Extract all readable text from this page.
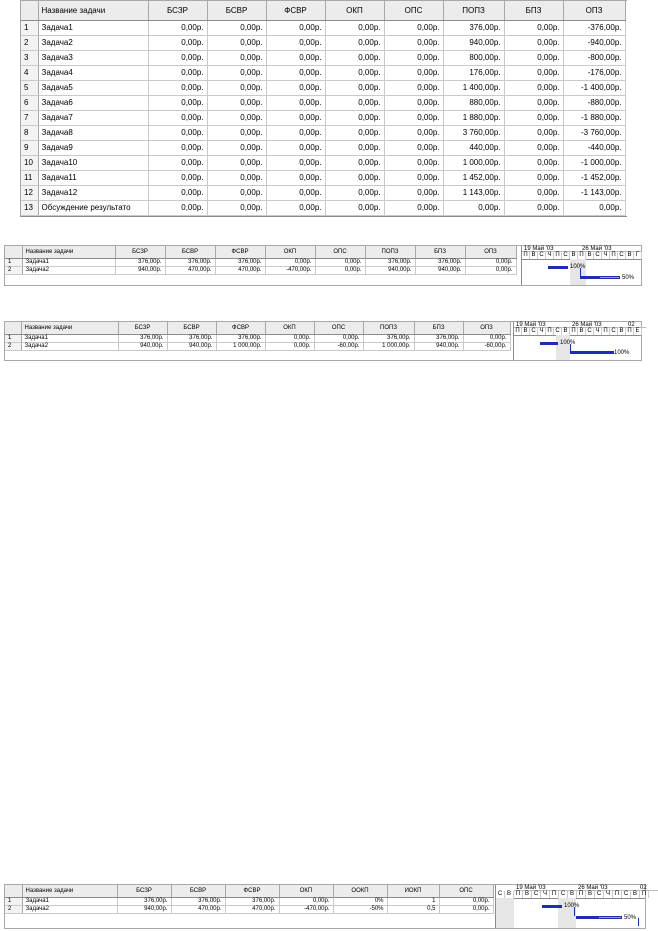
	Название задачи	БСЗР	БСВР	ФСВР	ОКП	ОПС	ПОПЗ	БПЗ	ОПЗ
1	Задача1	0,00р.	0,00р.	0,00р.	0,00р.	0,00р.	376,00р.	0,00р.	-376,00р.
2	Задача2	0,00р.	0,00р.	0,00р.	0,00р.	0,00р.	940,00р.	0,00р.	-940,00р.
3	Задача3	0,00р.	0,00р.	0,00р.	0,00р.	0,00р.	800,00р.	0,00р.	-800,00р.
4	Задача4	0,00р.	0,00р.	0,00р.	0,00р.	0,00р.	176,00р.	0,00р.	-176,00р.
5	Задача5	0,00р.	0,00р.	0,00р.	0,00р.	0,00р.	1 400,00р.	0,00р.	-1 400,00р.
6	Задача6	0,00р.	0,00р.	0,00р.	0,00р.	0,00р.	880,00р.	0,00р.	-880,00р.
7	Задача7	0,00р.	0,00р.	0,00р.	0,00р.	0,00р.	1 880,00р.	0,00р.	-1 880,00р.
8	Задача8	0,00р.	0,00р.	0,00р.	0,00р.	0,00р.	3 760,00р.	0,00р.	-3 760,00р.
9	Задача9	0,00р.	0,00р.	0,00р.	0,00р.	0,00р.	440,00р.	0,00р.	-440,00р.
10	Задача10	0,00р.	0,00р.	0,00р.	0,00р.	0,00р.	1 000,00р.	0,00р.	-1 000,00р.
11	Задача11	0,00р.	0,00р.	0,00р.	0,00р.	0,00р.	1 452,00р.	0,00р.	-1 452,00р.
12	Задача12	0,00р.	0,00р.	0,00р.	0,00р.	0,00р.	1 143,00р.	0,00р.	-1 143,00р.
13	Обсуждение результато	0,00р.	0,00р.	0,00р.	0,00р.	0,00р.	0,00р.	0,00р.	0,00р.
	Название задачи	БСЗР	БСВР	ФСВР	ОКП	ОПС	ПОПЗ	БПЗ	ОПЗ
1	Задача1	376,00р.	376,00р.	376,00р.	0,00р.	0,00р.	376,00р.	376,00р.	0,00р.
2	Задача2	940,00р.	470,00р.	470,00р.	-470,00р.	0,00р.	940,00р.	940,00р.	0,00р.
19 Май '03	26 Май '03
П В С Ч П С В П В С Ч П С В Г
100%
50%
	Название задачи	БСЗР	БСВР	ФСВР	ОКП	ОПС	ПОПЗ	БПЗ	ОПЗ
1	Задача1	376,00р.	376,00р.	376,00р.	0,00р.	0,00р.	376,00р.	376,00р.	0,00р.
2	Задача2	940,00р.	940,00р.	1 000,00р.	0,00р.	-60,00р.	1 000,00р.	940,00р.	-60,00р.
19 Май '03	26 Май '03	02
П В С Ч П С В П В С Ч П С В П Е
100%
100%
	Название задачи	БСЗР	БСВР	ФСВР	ОКП	ООКП	ИОКП	ОПС
1	Задача1	376,00р.	376,00р.	376,00р.	0,00р.	0%	1	0,00р.
2	Задача2	940,00р.	470,00р.	470,00р.	-470,00р.	-50%	0,5	0,00р.
19 Май '03	26 Май '03	02
С В П В С Ч П С В П В С Ч П С В П
100%
50%
